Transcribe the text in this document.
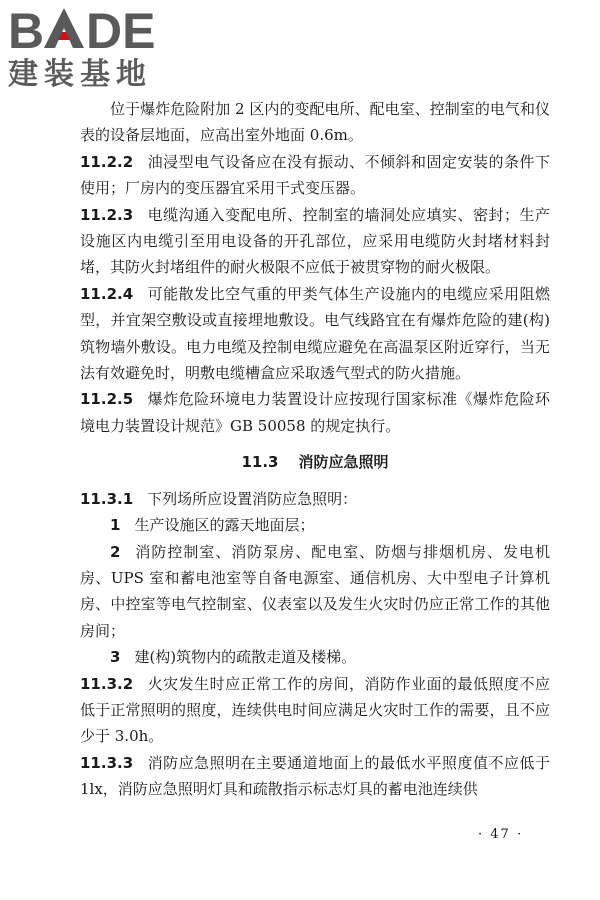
B DE
建装基地

位于爆炸危险附加 2 区内的变配电所、配电室、控制室的电气和仪表的设备层地面，应高出室外地面 0.6m。

11.2.2 油浸型电气设备应在没有振动、不倾斜和固定安装的条件下使用；厂房内的变压器宜采用干式变压器。

11.2.3 电缆沟通入变配电所、控制室的墙洞处应填实、密封；生产设施区内电缆引至用电设备的开孔部位，应采用电缆防火封堵材料封堵，其防火封堵组件的耐火极限不应低于被贯穿物的耐火极限。

11.2.4 可能散发比空气重的甲类气体生产设施内的电缆应采用阻燃型，并宜架空敷设或直接埋地敷设。电气线路宜在有爆炸危险的建(构)筑物墙外敷设。电力电缆及控制电缆应避免在高温泵区附近穿行，当无法有效避免时，明敷电缆槽盒应采取透气型式的防火措施。

11.2.5 爆炸危险环境电力装置设计应按现行国家标准《爆炸危险环境电力装置设计规范》GB 50058 的规定执行。

11.3 消防应急照明

11.3.1 下列场所应设置消防应急照明：

1 生产设施区的露天地面层；

2 消防控制室、消防泵房、配电室、防烟与排烟机房、发电机房、UPS 室和蓄电池室等自备电源室、通信机房、大中型电子计算机房、中控室等电气控制室、仪表室以及发生火灾时仍应正常工作的其他房间；

3 建(构)筑物内的疏散走道及楼梯。

11.3.2 火灾发生时应正常工作的房间，消防作业面的最低照度不应低于正常照明的照度，连续供电时间应满足火灾时工作的需要，且不应少于 3.0h。

11.3.3 消防应急照明在主要通道地面上的最低水平照度值不应低于1lx，消防应急照明灯具和疏散指示标志灯具的蓄电池连续供

· 47 ·
